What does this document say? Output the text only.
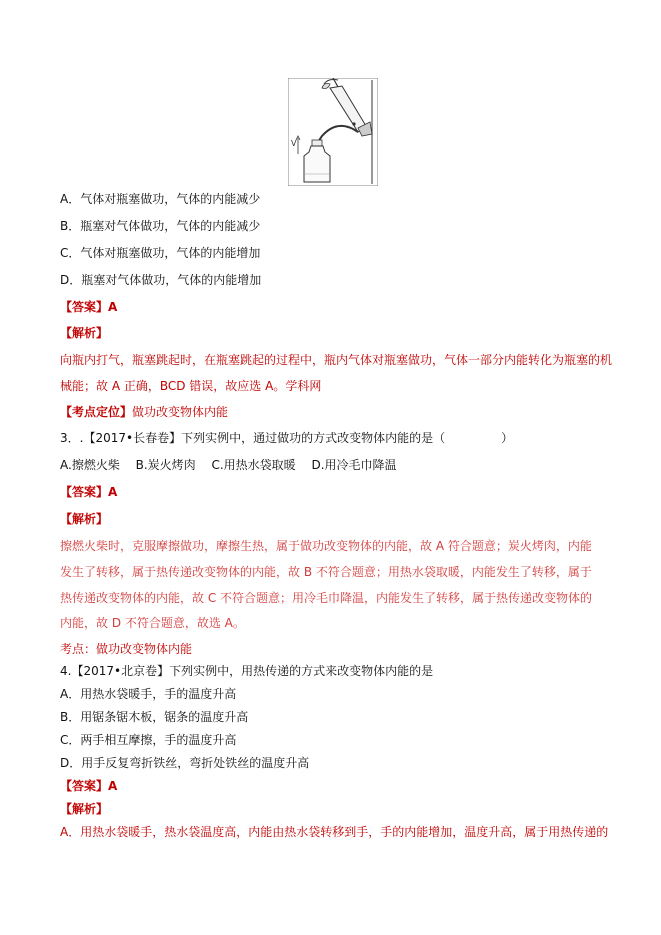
V
A．气体对瓶塞做功，气体的内能减少
B．瓶塞对气体做功，气体的内能减少
C．气体对瓶塞做功，气体的内能增加
D．瓶塞对气体做功，气体的内能增加
【答案】A
【解析】
向瓶内打气，瓶塞跳起时，在瓶塞跳起的过程中，瓶内气体对瓶塞做功，气体一部分内能转化为瓶塞的机
械能；故 A 正确，BCD 错误，故应选 A。学科网
【考点定位】做功改变物体内能
3．.【2017•长春卷】下列实例中，通过做功的方式改变物体内能的是（	）
A.擦燃火柴　 B.炭火烤肉　 C.用热水袋取暖　 D.用冷毛巾降温
【答案】A
【解析】
擦燃火柴时，克服摩擦做功，摩擦生热，属于做功改变物体的内能，故 A 符合题意；炭火烤肉，内能
发生了转移，属于热传递改变物体的内能，故 B 不符合题意；用热水袋取暖，内能发生了转移，属于
热传递改变物体的内能，故 C 不符合题意；用冷毛巾降温，内能发生了转移，属于热传递改变物体的
内能，故 D 不符合题意，故选 A。
考点：做功改变物体内能
4.【2017•北京卷】下列实例中，用热传递的方式来改变物体内能的是
A．用热水袋暖手，手的温度升高
B．用锯条锯木板，锯条的温度升高
C．两手相互摩擦，手的温度升高
D．用手反复弯折铁丝，弯折处铁丝的温度升高
【答案】A
【解析】
A．用热水袋暖手，热水袋温度高，内能由热水袋转移到手，手的内能增加，温度升高，属于用热传递的
